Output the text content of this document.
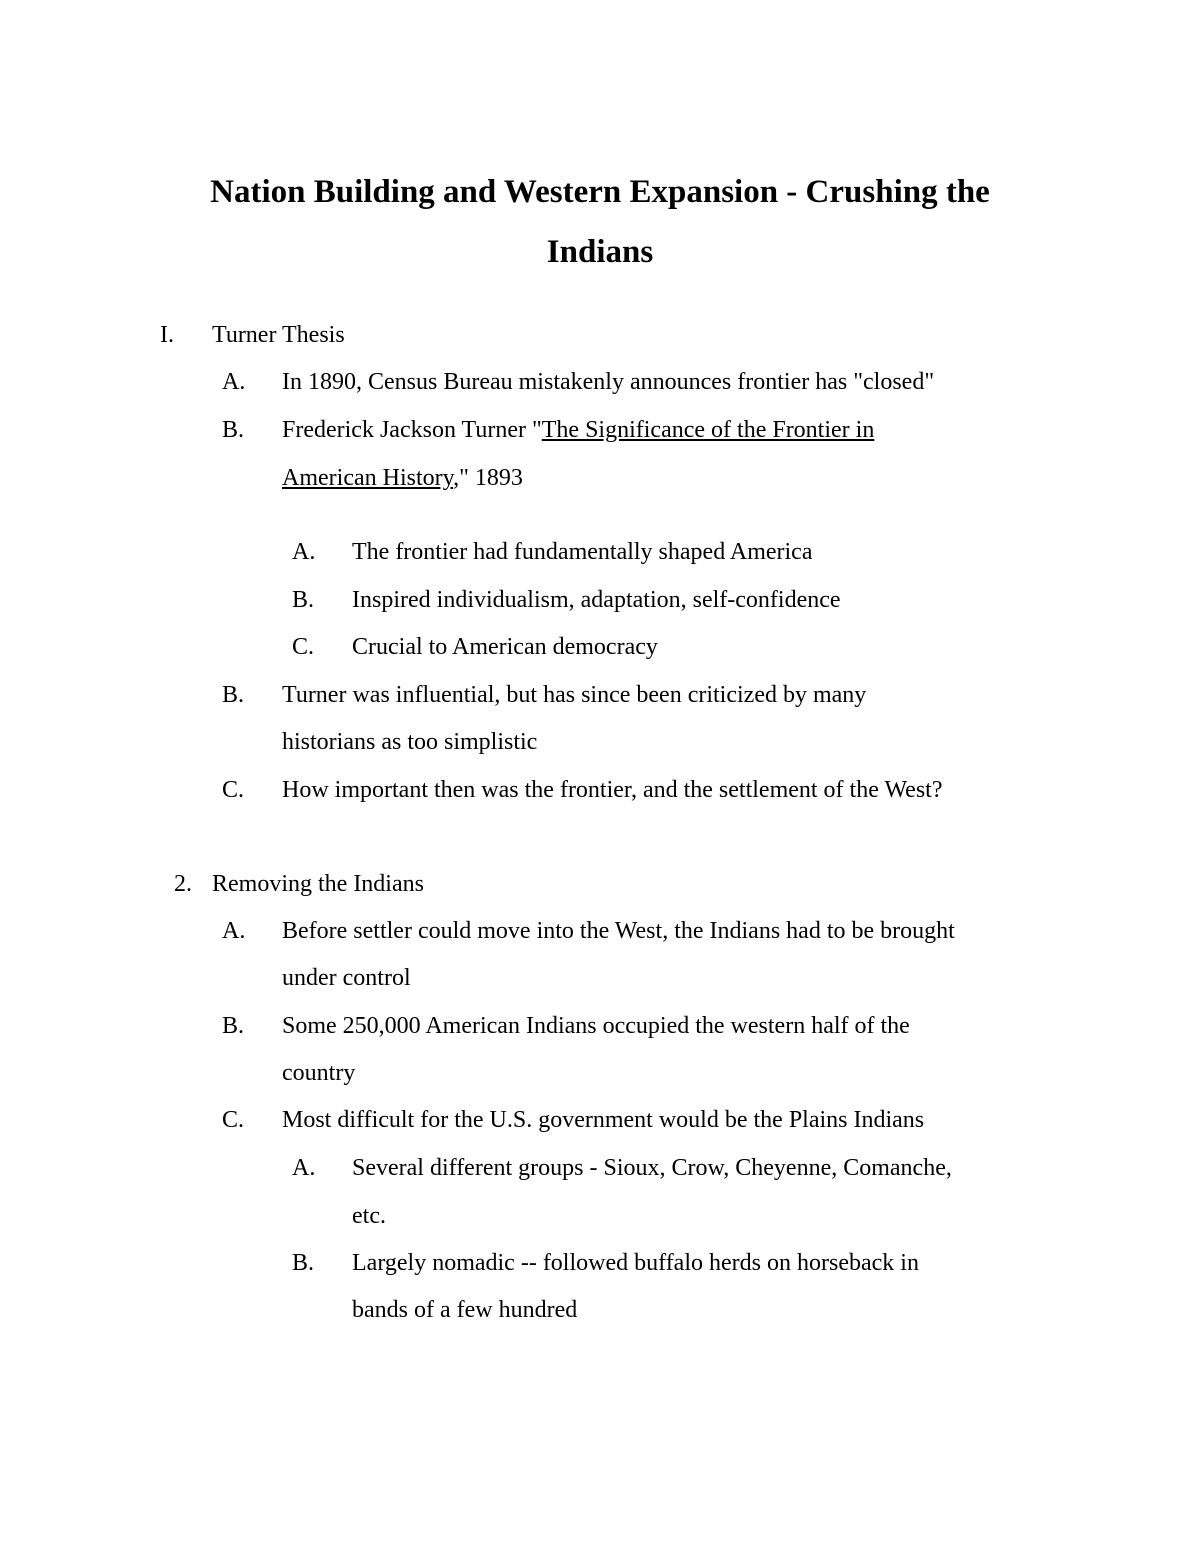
Nation Building and Western Expansion - Crushing the
Indians
I. Turner Thesis
A. In 1890, Census Bureau mistakenly announces frontier has "closed"
B. Frederick Jackson Turner "The Significance of the Frontier in
American History," 1893
A. The frontier had fundamentally shaped America
B. Inspired individualism, adaptation, self-confidence
C. Crucial to American democracy
B. Turner was influential, but has since been criticized by many
historians as too simplistic
C. How important then was the frontier, and the settlement of the West?
2. Removing the Indians
A. Before settler could move into the West, the Indians had to be brought
under control
B. Some 250,000 American Indians occupied the western half of the
country
C. Most difficult for the U.S. government would be the Plains Indians
A. Several different groups - Sioux, Crow, Cheyenne, Comanche,
etc.
B. Largely nomadic -- followed buffalo herds on horseback in
bands of a few hundred
